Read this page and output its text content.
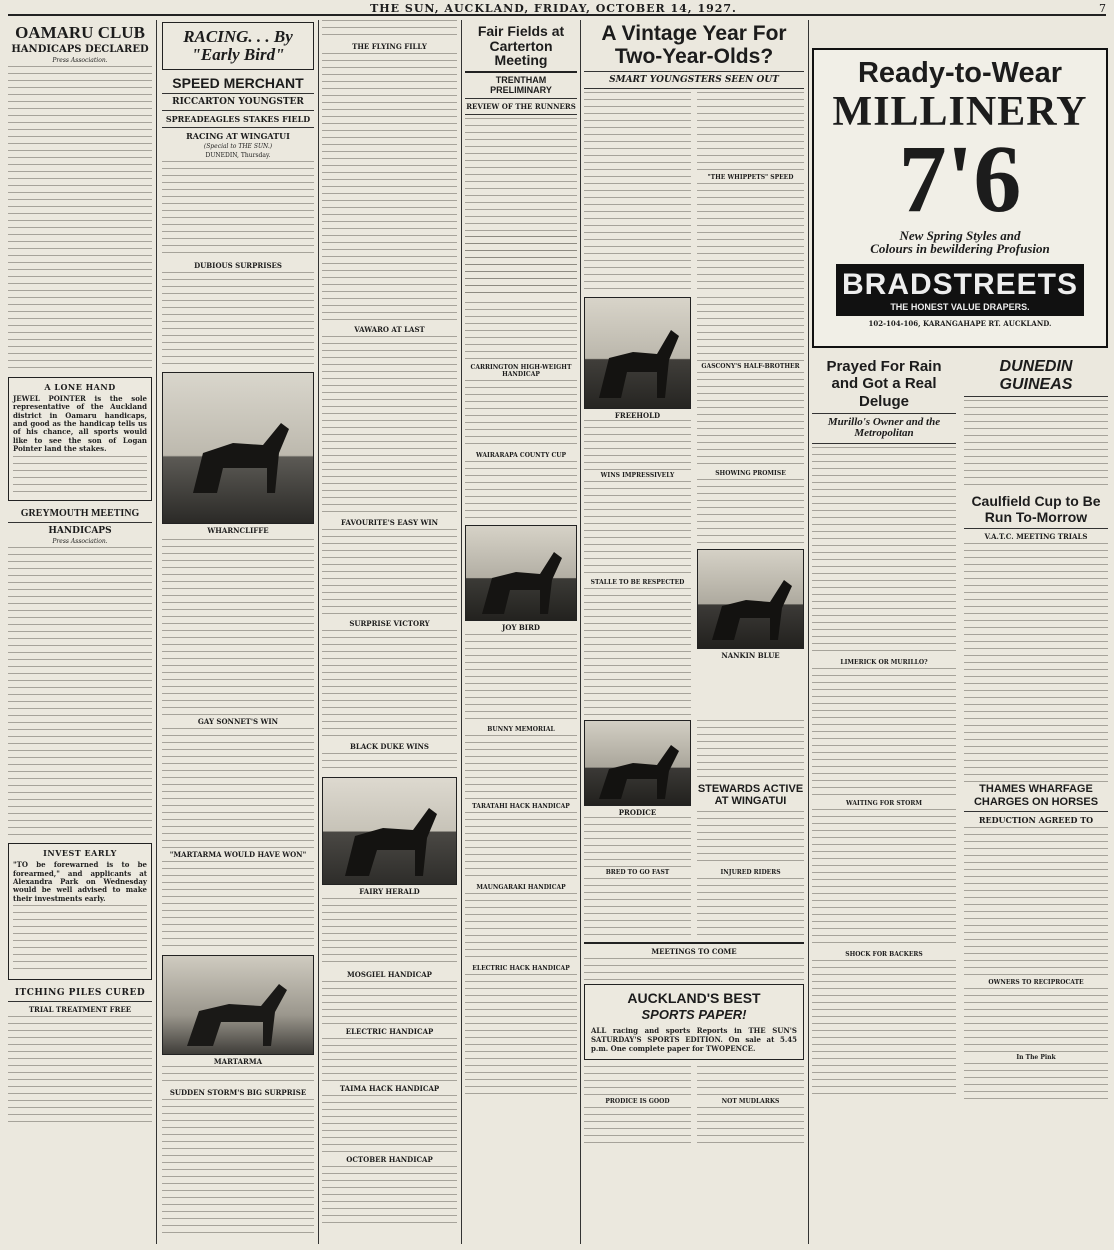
THE SUN, AUCKLAND, FRIDAY, OCTOBER 14, 1927.	7
OAMARU CLUB
HANDICAPS DECLARED
Press Association.
A LONE HAND
JEWEL POINTER is the sole representative of the Auckland district in Oamaru handicaps, and good as the handicap tells us of his chance, all sports would like to see the son of Logan Pointer land the stakes.
GREYMOUTH MEETING
HANDICAPS
Press Association.
INVEST EARLY
"TO be forewarned is to be forearmed," and applicants at Alexandra Park on Wednesday would be well advised to make their investments early.
ITCHING PILES CURED
TRIAL TREATMENT FREE
RACING. . . By "Early Bird"
SPEED MERCHANT
RICCARTON YOUNGSTER
SPREADEAGLES STAKES FIELD
RACING AT WINGATUI
(Special to THE SUN.)
DUNEDIN, Thursday.
DUBIOUS SURPRISES
WHARNCLIFFE
GAY SONNET'S WIN
"MARTARMA WOULD HAVE WON"
MARTARMA
SUDDEN STORM'S BIG SURPRISE
THE FLYING FILLY
VAWARO AT LAST
FAVOURITE'S EASY WIN
SURPRISE VICTORY
BLACK DUKE WINS
FAIRY HERALD
MOSGIEL HANDICAP
ELECTRIC HANDICAP
TAIMA HACK HANDICAP
OCTOBER HANDICAP
Fair Fields at Carterton Meeting
TRENTHAM PRELIMINARY
REVIEW OF THE RUNNERS
CARRINGTON HIGH-WEIGHT HANDICAP
WAIRARAPA COUNTY CUP
JOY BIRD
BUNNY MEMORIAL
TARATAHI HACK HANDICAP
MAUNGARAKI HANDICAP
ELECTRIC HACK HANDICAP
A Vintage Year For Two-Year-Olds?
SMART YOUNGSTERS SEEN OUT
"THE WHIPPETS" SPEED
FREEHOLD
WINS IMPRESSIVELY
STALLE TO BE RESPECTED
GASCONY'S HALF-BROTHER
SHOWING PROMISE
NANKIN BLUE
PRODICE
STEWARDS ACTIVE AT WINGATUI
BRED TO GO FAST	INJURED RIDERS
MEETINGS TO COME
AUCKLAND'S BEST
SPORTS PAPER!
ALL racing and sports Reports in THE SUN'S SATURDAY'S SPORTS EDITION. On sale at 5.45 p.m. One complete paper for TWOPENCE.
PRODICE IS GOOD	NOT MUDLARKS
Ready-to-Wear
MILLINERY
7'6
New Spring Styles and
Colours in bewildering Profusion
BRADSTREETS
THE HONEST VALUE DRAPERS.
102-104-106, KARANGAHAPE RT. AUCKLAND.
Prayed For Rain and Got a Real Deluge
Murillo's Owner and the Metropolitan
LIMERICK OR MURILLO?
WAITING FOR STORM
SHOCK FOR BACKERS
DUNEDIN GUINEAS
Caulfield Cup to Be Run To-Morrow
V.A.T.C. MEETING TRIALS
THAMES WHARFAGE CHARGES ON HORSES
REDUCTION AGREED TO
OWNERS TO RECIPROCATE
In The Pink
